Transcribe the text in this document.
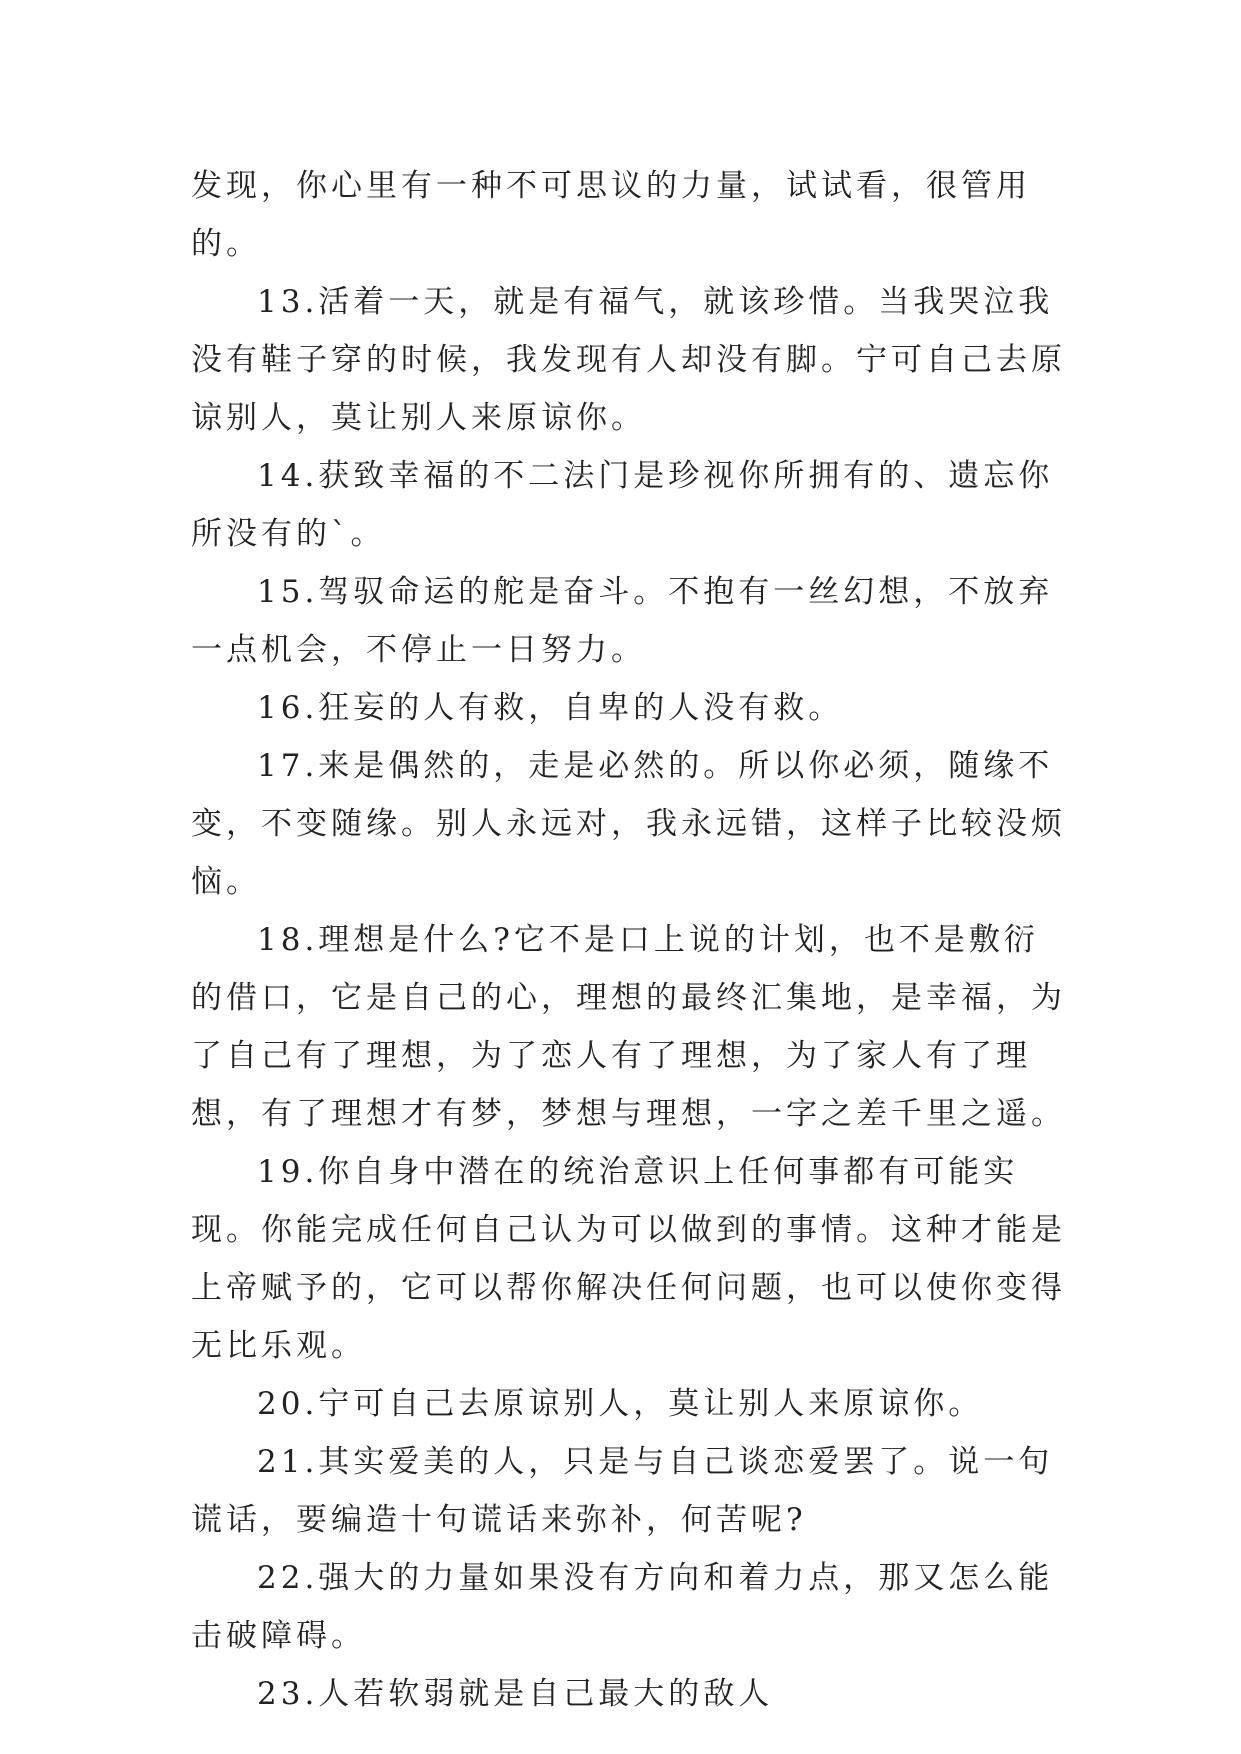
发现，你心里有一种不可思议的力量，试试看，很管用的。

13.活着一天，就是有福气，就该珍惜。当我哭泣我没有鞋子穿的时候，我发现有人却没有脚。宁可自己去原谅别人，莫让别人来原谅你。

14.获致幸福的不二法门是珍视你所拥有的、遗忘你所没有的`。

15.驾驭命运的舵是奋斗。不抱有一丝幻想，不放弃一点机会，不停止一日努力。

16.狂妄的人有救，自卑的人没有救。

17.来是偶然的，走是必然的。所以你必须，随缘不变，不变随缘。别人永远对，我永远错，这样子比较没烦恼。

18.理想是什么?它不是口上说的计划，也不是敷衍的借口，它是自己的心，理想的最终汇集地，是幸福，为了自己有了理想，为了恋人有了理想，为了家人有了理想，有了理想才有梦，梦想与理想，一字之差千里之遥。

19.你自身中潜在的统治意识上任何事都有可能实现。你能完成任何自己认为可以做到的事情。这种才能是上帝赋予的，它可以帮你解决任何问题，也可以使你变得无比乐观。

20.宁可自己去原谅别人，莫让别人来原谅你。

21.其实爱美的人，只是与自己谈恋爱罢了。说一句谎话，要编造十句谎话来弥补，何苦呢?

22.强大的力量如果没有方向和着力点，那又怎么能击破障碍。

23.人若软弱就是自己最大的敌人
